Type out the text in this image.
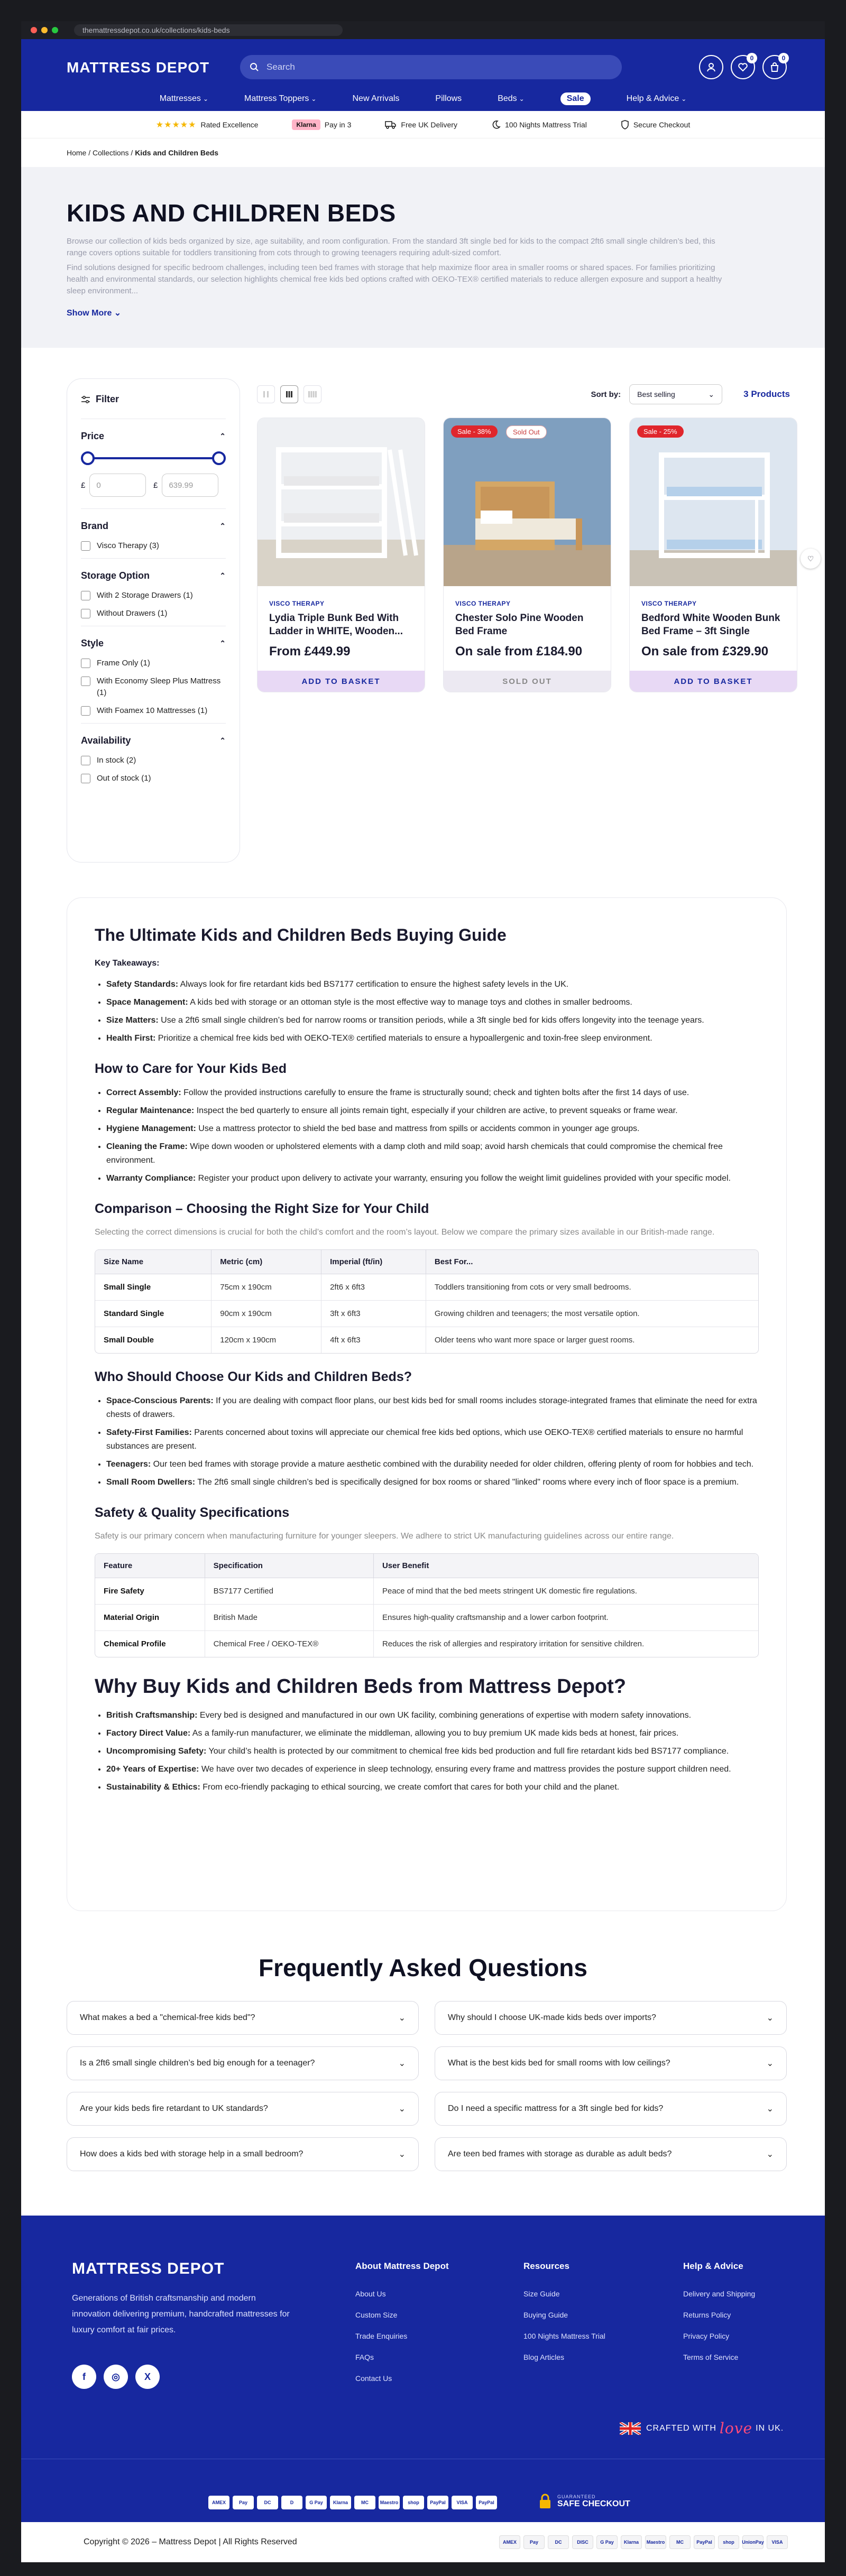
themattressdepot.co.uk/collections/kids-beds
MATTRESS DEPOT	Search
0	0
Mattresses ⌄	Mattress Toppers ⌄	New Arrivals	Pillows	Beds ⌄	Sale	Help & Advice ⌄
★★★★★ Rated Excellence	Klarna	Pay in 3	Free UK Delivery	100 Nights Mattress Trial	Secure Checkout
Home
/
Collections
/
Kids and Children Beds
KIDS AND CHILDREN BEDS

Browse our collection of kids beds organized by size, age suitability, and room configuration. From the standard 3ft single bed for kids to the compact 2ft6 small single children’s bed, this range covers options suitable for toddlers transitioning from cots through to growing teenagers requiring adult-sized comfort.

Find solutions designed for specific bedroom challenges, including teen bed frames with storage that help maximize floor area in smaller rooms or shared spaces. For families prioritizing health and environmental standards, our selection highlights chemical free kids bed options crafted with OEKO-TEX® certified materials to reduce allergen exposure and support a healthy sleep environment...

Show More ⌄
Filter
Price	⌃
£	0	£	639.99
Brand	⌃
Visco Therapy (3)
Storage Option	⌃
With 2 Storage Drawers (1)
Without Drawers (1)
Style	⌃
Frame Only (1)
With Economy Sleep Plus Mattress (1)
With Foamex 10 Mattresses (1)
Availability	⌃
In stock (2)
Out of stock (1)
Sort by: Best selling	⌄	3 Products
VISCO THERAPY
Lydia Triple Bunk Bed With Ladder in WHITE, Wooden...
From £449.99
ADD TO BASKET
Sale - 38%	Sold Out
VISCO THERAPY
Chester Solo Pine Wooden Bed Frame
On sale from £184.90
SOLD OUT
Sale - 25%
VISCO THERAPY
Bedford White Wooden Bunk Bed Frame – 3ft Single
On sale from £329.90
ADD TO BASKET
♡
The Ultimate Kids and Children Beds Buying Guide
Key Takeaways:
• Safety Standards: Always look for fire retardant kids bed BS7177 certification to ensure the highest safety levels in the UK.
• Space Management: A kids bed with storage or an ottoman style is the most effective way to manage toys and clothes in smaller bedrooms.
• Size Matters: Use a 2ft6 small single children’s bed for narrow rooms or transition periods, while a 3ft single bed for kids offers longevity into the teenage years.
• Health First: Prioritize a chemical free kids bed with OEKO-TEX® certified materials to ensure a hypoallergenic and toxin-free sleep environment.
How to Care for Your Kids Bed
• Correct Assembly: Follow the provided instructions carefully to ensure the frame is structurally sound; check and tighten bolts after the first 14 days of use.
• Regular Maintenance: Inspect the bed quarterly to ensure all joints remain tight, especially if your children are active, to prevent squeaks or frame wear.
• Hygiene Management: Use a mattress protector to shield the bed base and mattress from spills or accidents common in younger age groups.
• Cleaning the Frame: Wipe down wooden or upholstered elements with a damp cloth and mild soap; avoid harsh chemicals that could compromise the chemical free environment.
• Warranty Compliance: Register your product upon delivery to activate your warranty, ensuring you follow the weight limit guidelines provided with your specific model.
Comparison – Choosing the Right Size for Your Child

Selecting the correct dimensions is crucial for both the child’s comfort and the room’s layout. Below we compare the primary sizes available in our British-made range.

Size Name	Metric (cm)	Imperial (ft/in)	Best For...
Small Single	75cm x 190cm	2ft6 x 6ft3	Toddlers transitioning from cots or very small bedrooms.
Standard Single	90cm x 190cm	3ft x 6ft3	Growing children and teenagers; the most versatile option.
Small Double	120cm x 190cm	4ft x 6ft3	Older teens who want more space or larger guest rooms.
Who Should Choose Our Kids and Children Beds?
• Space-Conscious Parents: If you are dealing with compact floor plans, our best kids bed for small rooms includes storage-integrated frames that eliminate the need for extra chests of drawers.
• Safety-First Families: Parents concerned about toxins will appreciate our chemical free kids bed options, which use OEKO-TEX® certified materials to ensure no harmful substances are present.
• Teenagers: Our teen bed frames with storage provide a mature aesthetic combined with the durability needed for older children, offering plenty of room for hobbies and tech.
• Small Room Dwellers: The 2ft6 small single children’s bed is specifically designed for box rooms or shared "linked" rooms where every inch of floor space is a premium.
Safety & Quality Specifications

Safety is our primary concern when manufacturing furniture for younger sleepers. We adhere to strict UK manufacturing guidelines across our entire range.

Feature	Specification	User Benefit
Fire Safety	BS7177 Certified	Peace of mind that the bed meets stringent UK domestic fire regulations.
Material Origin	British Made	Ensures high-quality craftsmanship and a lower carbon footprint.
Chemical Profile	Chemical Free / OEKO-TEX®	Reduces the risk of allergies and respiratory irritation for sensitive children.
Why Buy Kids and Children Beds from Mattress Depot?
• British Craftsmanship: Every bed is designed and manufactured in our own UK facility, combining generations of expertise with modern safety innovations.
• Factory Direct Value: As a family-run manufacturer, we eliminate the middleman, allowing you to buy premium UK made kids beds at honest, fair prices.
• Uncompromising Safety: Your child’s health is protected by our commitment to chemical free kids bed production and full fire retardant kids bed BS7177 compliance.
• 20+ Years of Expertise: We have over two decades of experience in sleep technology, ensuring every frame and mattress provides the posture support children need.
• Sustainability & Ethics: From eco-friendly packaging to ethical sourcing, we create comfort that cares for both your child and the planet.
Frequently Asked Questions
What makes a bed a "chemical-free kids bed"?	⌄	Why should I choose UK-made kids beds over imports?	⌄
Is a 2ft6 small single children’s bed big enough for a teenager?	⌄	What is the best kids bed for small rooms with low ceilings?	⌄
Are your kids beds fire retardant to UK standards?	⌄	Do I need a specific mattress for a 3ft single bed for kids?	⌄
How does a kids bed with storage help in a small bedroom?	⌄	Are teen bed frames with storage as durable as adult beds?	⌄
MATTRESS DEPOT
Generations of British craftsmanship and modern innovation delivering premium, handcrafted mattresses for luxury comfort at fair prices.
f	◎	X
About Mattress Depot
About Us
Custom Size
Trade Enquiries
FAQs
Contact Us
Resources
Size Guide
Buying Guide
100 Nights Mattress Trial
Blog Articles
Help & Advice
Delivery and Shipping
Returns Policy
Privacy Policy
Terms of Service
CRAFTED WITH love IN UK.
AMEX	Pay	DC	D	G Pay	Klarna	MC	Maestro	shop	PayPal	VISA	PayPal
GUARANTEED
SAFE CHECKOUT
Copyright © 2026 – Mattress Depot | All Rights Reserved	AMEX	Pay	DC	DISC	G Pay	Klarna	Maestro	MC	PayPal	shop	UnionPay	VISA
